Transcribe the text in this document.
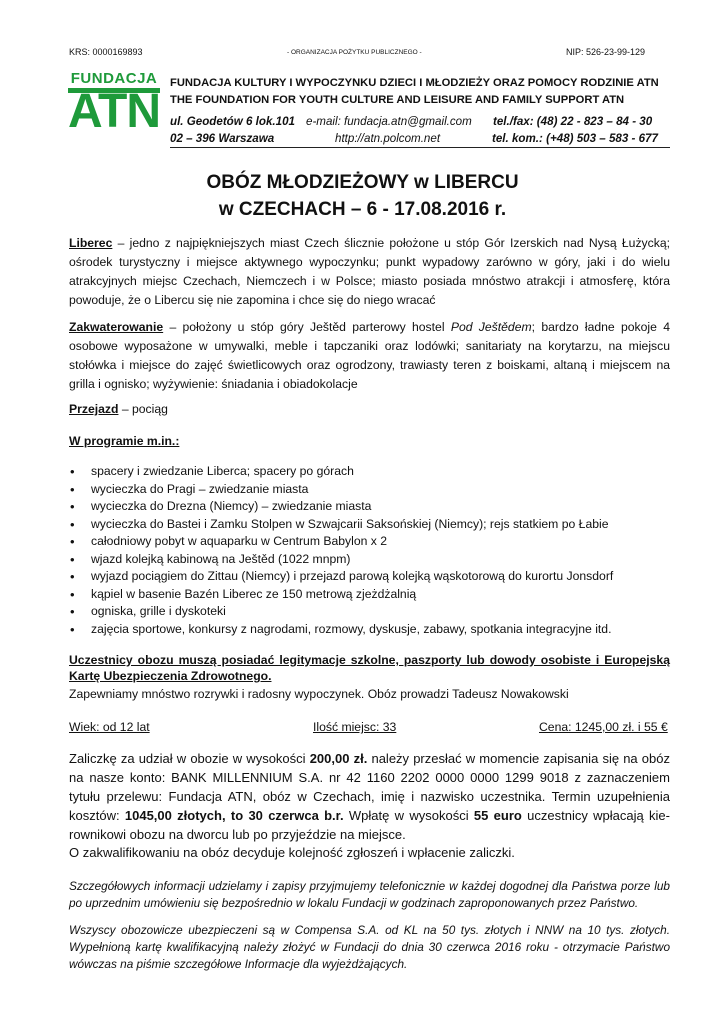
KRS: 0000169893	- ORGANIZACJA POŻYTKU PUBLICZNEGO -	NIP: 526-23-99-129
FUNDACJA
ATN
FUNDACJA KULTURY I WYPOCZYNKU DZIECI I MŁODZIEŻY ORAZ POMOCY RODZINIE ATN
THE FOUNDATION FOR YOUTH CULTURE AND LEISURE AND FAMILY SUPPORT ATN
ul. Geodetów 6 lok.101 e-mail: fundacja.atn@gmail.com tel./fax: (48) 22 - 823 – 84 - 30
02 – 396 Warszawa	http://atn.polcom.net	tel. kom.: (+48) 503 – 583 - 677
OBÓZ MŁODZIEŻOWY w LIBERCU
w CZECHACH – 6 - 17.08.2016 r.
Liberec – jedno z najpiękniejszych miast Czech ślicznie położone u stóp Gór Izerskich nad Nysą Łużycką; ośrodek turystyczny i miejsce aktywnego wypoczynku; punkt wypadowy zarówno w góry, jaki i do wielu atrakcyjnych miejsc Czechach, Niemczech i w Polsce; miasto posiada mnóstwo atrakcji i atmosferę, która powoduje, że o Libercu się nie zapomina i chce się do niego wracać
Zakwaterowanie – położony u stóp góry Ještěd parterowy hostel Pod Ještědem; bardzo ładne pokoje 4 osobowe wyposażone w umywalki, meble i tapczaniki oraz lodówki; sanitariaty na korytarzu, na miejscu stołówka i miejsce do zajęć świetlicowych oraz ogrodzony, trawiasty teren z boiskami, altaną i miejscem na grilla i ognisko; wyżywienie: śniadania i obiadokolacje
Przejazd – pociąg
W programie m.in.:
• spacery i zwiedzanie Liberca; spacery po górach
• wycieczka do Pragi – zwiedzanie miasta
• wycieczka do Drezna (Niemcy) – zwiedzanie miasta
• wycieczka do Bastei i Zamku Stolpen w Szwajcarii Saksońskiej (Niemcy); rejs statkiem po Łabie
• całodniowy pobyt w aquaparku w Centrum Babylon x 2
• wjazd kolejką kabinową na Ještěd (1022 mnpm)
• wyjazd pociągiem do Zittau (Niemcy) i przejazd parową kolejką wąskotorową do kurortu Jonsdorf
• kąpiel w basenie Bazén Liberec ze 150 metrową zjeżdżalnią
• ogniska, grille i dyskoteki
• zajęcia sportowe, konkursy z nagrodami, rozmowy, dyskusje, zabawy, spotkania integracyjne itd.
Uczestnicy obozu muszą posiadać legitymacje szkolne, paszporty lub dowody osobiste i Europejską Kartę Ubezpieczenia Zdrowotnego.
Zapewniamy mnóstwo rozrywki i radosny wypoczynek. Obóz prowadzi Tadeusz Nowakowski
Wiek: od 12 lat	Ilość miejsc: 33	Cena: 1245,00 zł. i 55 €
Zaliczkę za udział w obozie w wysokości 200,00 zł. należy przesłać w momencie zapisania się na obóz na nasze konto: BANK MILLENNIUM S.A. nr 42 1160 2202 0000 0000 1299 9018 z zaznaczeniem tytułu przelewu: Fundacja ATN, obóz w Czechach, imię i nazwisko uczestnika. Termin uzupełnienia kosztów: 1045,00 złotych, to 30 czerwca b.r. Wpłatę w wysokości 55 euro uczestnicy wpłacają kie-rownikowi obozu na dworcu lub po przyjeździe na miejsce.
O zakwalifikowaniu na obóz decyduje kolejność zgłoszeń i wpłacenie zaliczki.
Szczegółowych informacji udzielamy i zapisy przyjmujemy telefonicznie w każdej dogodnej dla Państwa porze lub po uprzednim umówieniu się bezpośrednio w lokalu Fundacji w godzinach zaproponowanych przez Państwo.
Wszyscy obozowicze ubezpieczeni są w Compensa S.A. od KL na 50 tys. złotych i NNW na 10 tys. złotych. Wypełnioną kartę kwalifikacyjną należy złożyć w Fundacji do dnia 30 czerwca 2016 roku - otrzymacie Państwo wówczas na piśmie szczegółowe Informacje dla wyjeżdżających.
